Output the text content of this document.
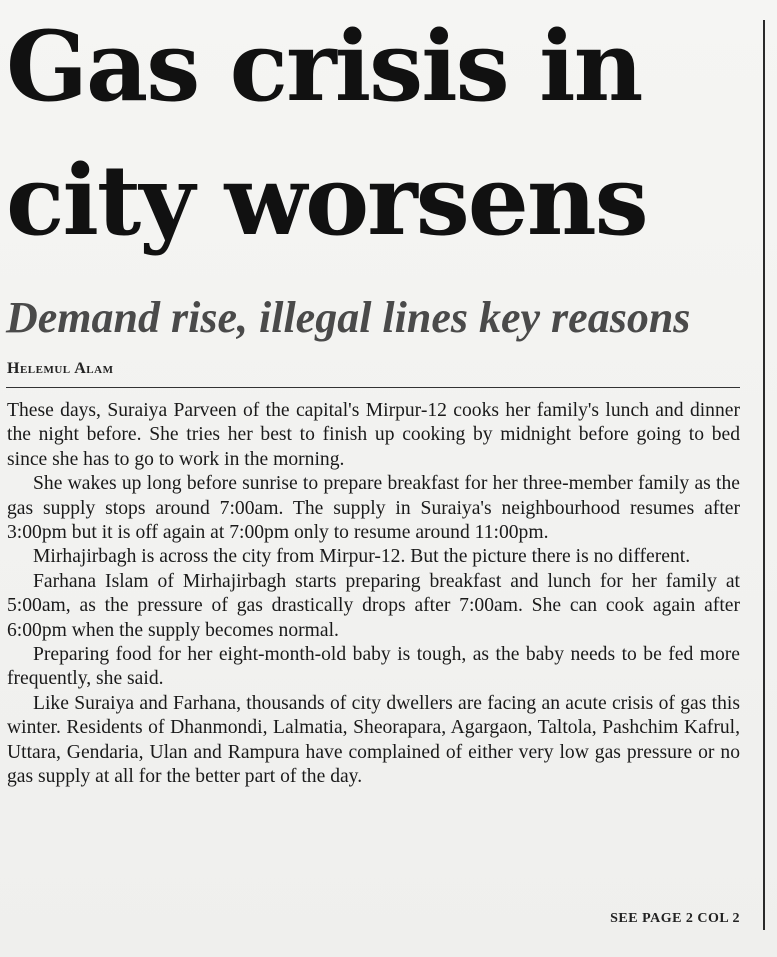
Gas crisis in
city worsens
Demand rise, illegal lines key reasons
Helemul Alam

These days, Suraiya Parveen of the capital's Mirpur-12 cooks her family's lunch and dinner the night before. She tries her best to finish up cooking by midnight before going to bed since she has to go to work in the morning.

She wakes up long before sunrise to prepare breakfast for her three-member family as the gas supply stops around 7:00am. The supply in Suraiya's neighbourhood resumes after 3:00pm but it is off again at 7:00pm only to resume around 11:00pm.

Mirhajirbagh is across the city from Mirpur-12. But the picture there is no different.

Farhana Islam of Mirhajirbagh starts preparing breakfast and lunch for her family at 5:00am, as the pressure of gas drastically drops after 7:00am. She can cook again after 6:00pm when the supply becomes normal.

Preparing food for her eight-month-old baby is tough, as the baby needs to be fed more frequently, she said.

Like Suraiya and Farhana, thousands of city dwellers are facing an acute crisis of gas this winter. Residents of Dhanmondi, Lalmatia, Sheorapara, Agargaon, Taltola, Pashchim Kafrul, Uttara, Gendaria, Ulan and Rampura have complained of either very low gas pressure or no gas supply at all for the better part of the day.

SEE PAGE 2 COL 2
